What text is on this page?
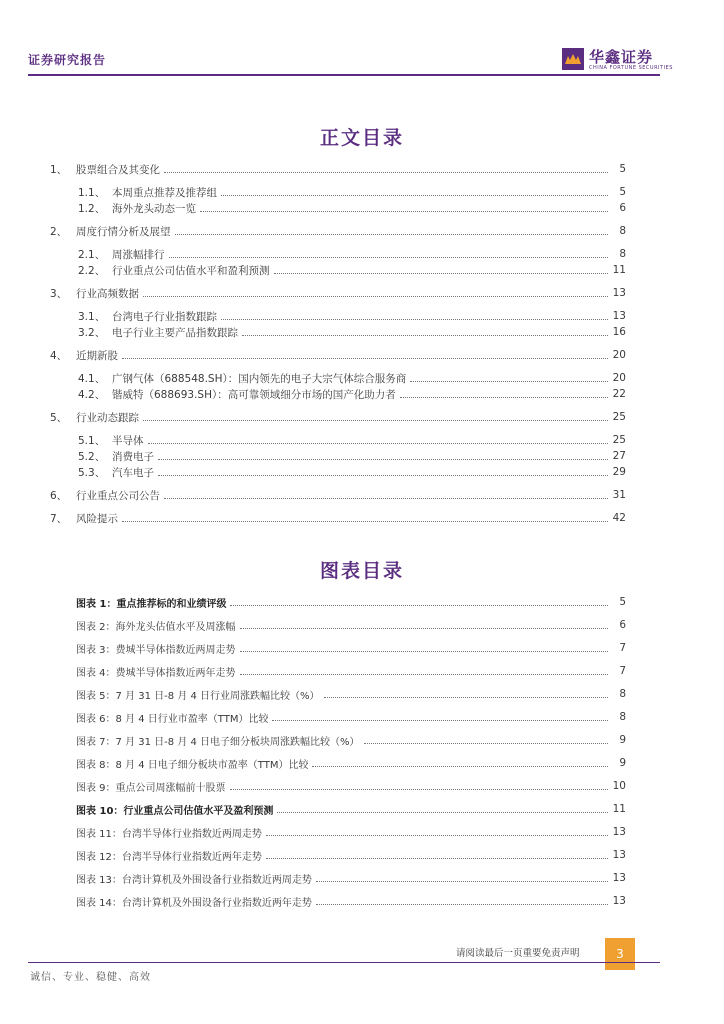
证券研究报告	华鑫证券
CHINA FORTUNE SECURITIES
正文目录
1、 股票组合及其变化	5
1.1、 本周重点推荐及推荐组	5
1.2、 海外龙头动态一览	6
2、 周度行情分析及展望	8
2.1、 周涨幅排行	8
2.2、 行业重点公司估值水平和盈利预测	11
3、 行业高频数据	13
3.1、 台湾电子行业指数跟踪	13
3.2、 电子行业主要产品指数跟踪	16
4、 近期新股	20
4.1、 广钢气体（688548.SH）：国内领先的电子大宗气体综合服务商	20
4.2、 锴威特（688693.SH）：高可靠领域细分市场的国产化助力者	22
5、 行业动态跟踪	25
5.1、 半导体	25
5.2、 消费电子	27
5.3、 汽车电子	29
6、 行业重点公司公告	31
7、 风险提示	42
图表目录
图表 1：重点推荐标的和业绩评级	5
图表 2：海外龙头估值水平及周涨幅	6
图表 3：费城半导体指数近两周走势	7
图表 4：费城半导体指数近两年走势	7
图表 5：7 月 31 日-8 月 4 日行业周涨跌幅比较（%）	8
图表 6：8 月 4 日行业市盈率（TTM）比较	8
图表 7：7 月 31 日-8 月 4 日电子细分板块周涨跌幅比较（%）	9
图表 8：8 月 4 日电子细分板块市盈率（TTM）比较	9
图表 9：重点公司周涨幅前十股票	10
图表 10：行业重点公司估值水平及盈利预测	11
图表 11：台湾半导体行业指数近两周走势	13
图表 12：台湾半导体行业指数近两年走势	13
图表 13：台湾计算机及外围设备行业指数近两周走势	13
图表 14：台湾计算机及外围设备行业指数近两年走势	13
请阅读最后一页重要免责声明	3
诚信、专业、稳健、高效
